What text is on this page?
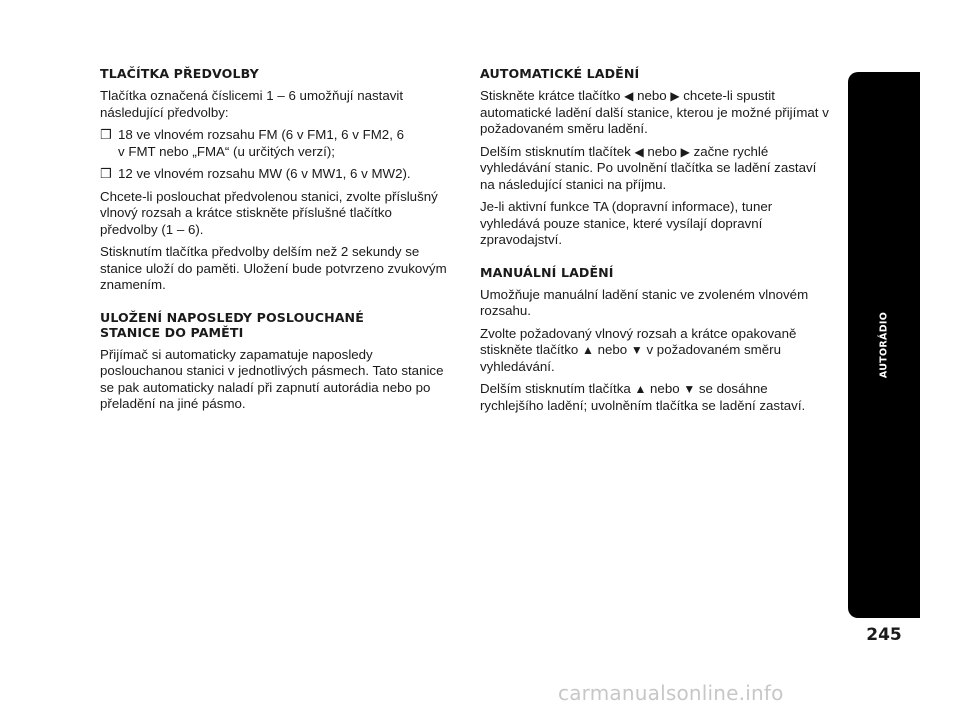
TLAČÍTKA PŘEDVOLBY

Tlačítka označená číslicemi 1 – 6 umožňují nastavit následující předvolby:

❒ 18 ve vlnovém rozsahu FM (6 v FM1, 6 v FM2, 6
v FMT nebo „FMA“ (u určitých verzí);
❒ 12 ve vlnovém rozsahu MW (6 v MW1, 6 v MW2).

Chcete-li poslouchat předvolenou stanici, zvolte příslušný vlnový rozsah a krátce stiskněte příslušné tlačítko předvolby (1 – 6).

Stisknutím tlačítka předvolby delším než 2 sekundy se stanice uloží do paměti. Uložení bude potvrzeno zvukovým znamením.

ULOŽENÍ NAPOSLEDY POSLOUCHANÉ
STANICE DO PAMĚTI

Přijímač si automaticky zapamatuje naposledy poslouchanou stanici v jednotlivých pásmech. Tato stanice se pak automaticky naladí při zapnutí autorádia nebo po přeladění na jiné pásmo.

AUTOMATICKÉ LADĚNÍ

Stiskněte krátce tlačítko ◀ nebo ▶ chcete-li spustit automatické ladění další stanice, kterou je možné přijímat v požadovaném směru ladění.

Delším stisknutím tlačítek ◀ nebo ▶ začne rychlé vyhledávání stanic. Po uvolnění tlačítka se ladění zastaví na následující stanici na příjmu.

Je-li aktivní funkce TA (dopravní informace), tuner vyhledává pouze stanice, které vysílají dopravní zpravodajství.

MANUÁLNÍ LADĚNÍ

Umožňuje manuální ladění stanic ve zvoleném vlnovém rozsahu.

Zvolte požadovaný vlnový rozsah a krátce opakovaně stiskněte tlačítko ▲ nebo ▼ v požadovaném směru vyhledávání.

Delším stisknutím tlačítka ▲ nebo ▼ se dosáhne rychlejšího ladění; uvolněním tlačítka se ladění zastaví.

AUTORÁDIO
245
carmanualsonline.info
